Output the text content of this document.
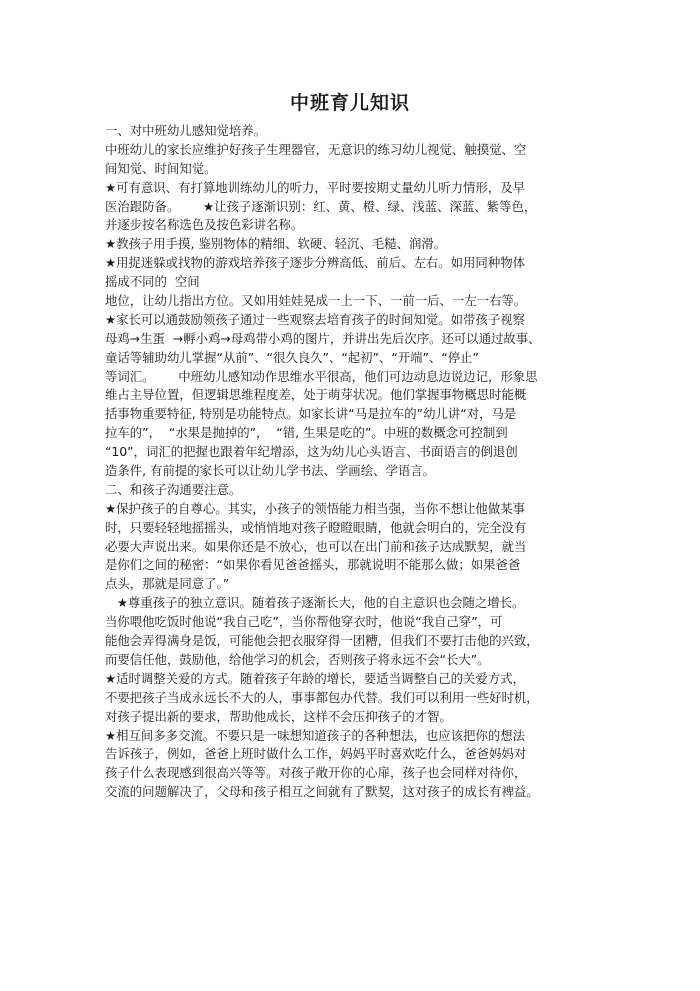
中班育儿知识
一、对中班幼儿感知觉培养。
中班幼儿的家长应维护好孩子生理器官，无意识的练习幼儿视觉、触摸觉、空
间知觉、时间知觉。
★可有意识、有打算地训练幼儿的听力，平时要按期丈量幼儿听力情形，及早
医治跟防备。      ★让孩子逐渐识别：红、黄、橙、绿、浅蓝、深蓝、紫等色，
并逐步按名称选色及按色彩讲名称。
★教孩子用手摸, 鉴别物体的精细、软硬、轻沉、毛糙、润滑。
★用捉迷躲或找物的游戏培养孩子逐步分辨高低、前后、左右。如用同种物体
摇成不同的  空间
地位，让幼儿指出方位。又如用娃娃晃成一上一下、一前一后、一左一右等。
★家长可以通鼓励领孩子通过一些观察去培育孩子的时间知觉。如带孩子视察
母鸡→生蛋  →孵小鸡→母鸡带小鸡的图片，并讲出先后次序。还可以通过故事、
童话等辅助幼儿掌握“从前”、“很久良久”、“起初”、“开端”、“停止”
等词汇。      中班幼儿感知动作思维水平很高，他们可边动息边说边记，形象思
维占主导位置，但逻辑思维程度差，处于萌芽状况。他们掌握事物概思时能概
括事物重要特征, 特别是功能特点。如家长讲“马是拉车的”幼儿讲“对，马是
拉车的”，  “水果是抛掉的”，  “错, 生果是吃的”。中班的数概念可控制到
“10”，词汇的把握也跟着年纪增添，这为幼儿心头语言、书面语言的倒退创
造条件, 有前提的家长可以让幼儿学书法、学画绘、学语言。
二、和孩子沟通要注意。
★保护孩子的自尊心。其实，小孩子的领悟能力相当强，当你不想让他做某事
时，只要轻轻地摇摇头，或悄悄地对孩子瞪瞪眼睛，他就会明白的，完全没有
必要大声说出来。如果你还是不放心，也可以在出门前和孩子达成默契，就当
是你们之间的秘密：“如果你看见爸爸摇头，那就说明不能那么做；如果爸爸
点头，那就是同意了。”
★尊重孩子的独立意识。随着孩子逐渐长大，他的自主意识也会随之增长。
当你喂他吃饭时他说“我自己吃”，当你帮他穿衣时，他说“我自己穿”，可
能他会弄得满身是饭，可能他会把衣服穿得一团糟，但我们不要打击他的兴致，
而要信任他，鼓励他，给他学习的机会，否则孩子将永远不会“长大”。
★适时调整关爱的方式。随着孩子年龄的增长，要适当调整自己的关爱方式，
不要把孩子当成永远长不大的人，事事都包办代替。我们可以利用一些好时机，
对孩子提出新的要求，帮助他成长，这样不会压抑孩子的才智。
★相互间多多交流。不要只是一味想知道孩子的各种想法，也应该把你的想法
告诉孩子，例如，爸爸上班时做什么工作，妈妈平时喜欢吃什么，爸爸妈妈对
孩子什么表现感到很高兴等等。对孩子敞开你的心扉，孩子也会同样对待你，
交流的问题解决了，父母和孩子相互之间就有了默契，这对孩子的成长有裨益。
